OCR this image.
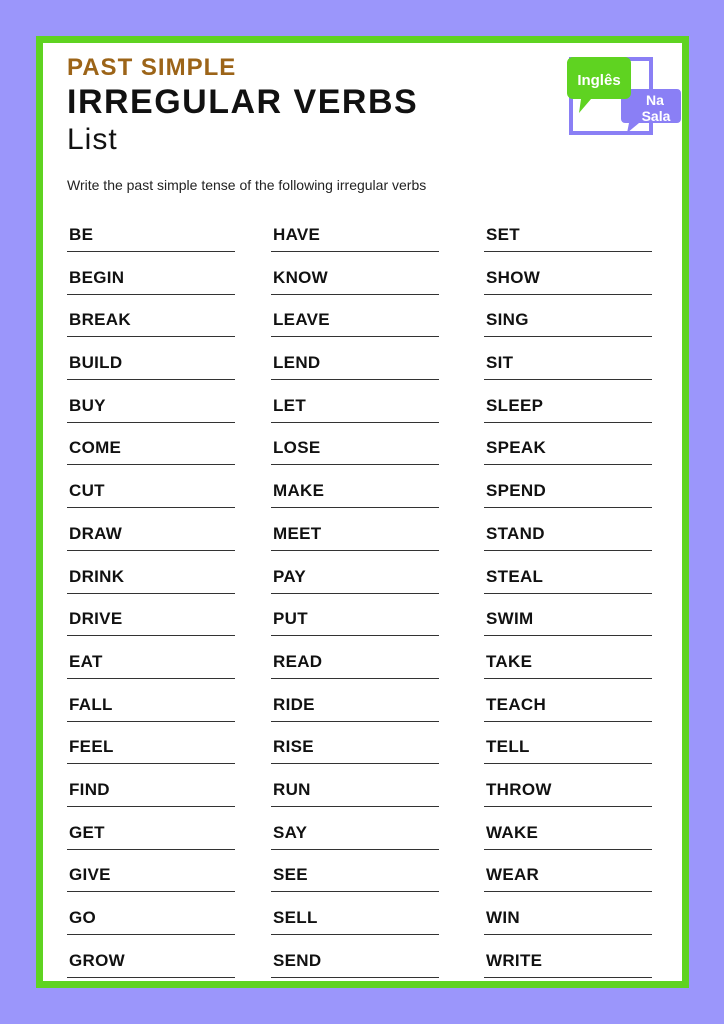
PAST SIMPLE
IRREGULAR VERBS
List
Write the past simple tense of the following irregular verbs
Inglês
Na
Sala
BE
BEGIN
BREAK
BUILD
BUY
COME
CUT
DRAW
DRINK
DRIVE
EAT
FALL
FEEL
FIND
GET
GIVE
GO
GROW
HAVE
KNOW
LEAVE
LEND
LET
LOSE
MAKE
MEET
PAY
PUT
READ
RIDE
RISE
RUN
SAY
SEE
SELL
SEND
SET
SHOW
SING
SIT
SLEEP
SPEAK
SPEND
STAND
STEAL
SWIM
TAKE
TEACH
TELL
THROW
WAKE
WEAR
WIN
WRITE
